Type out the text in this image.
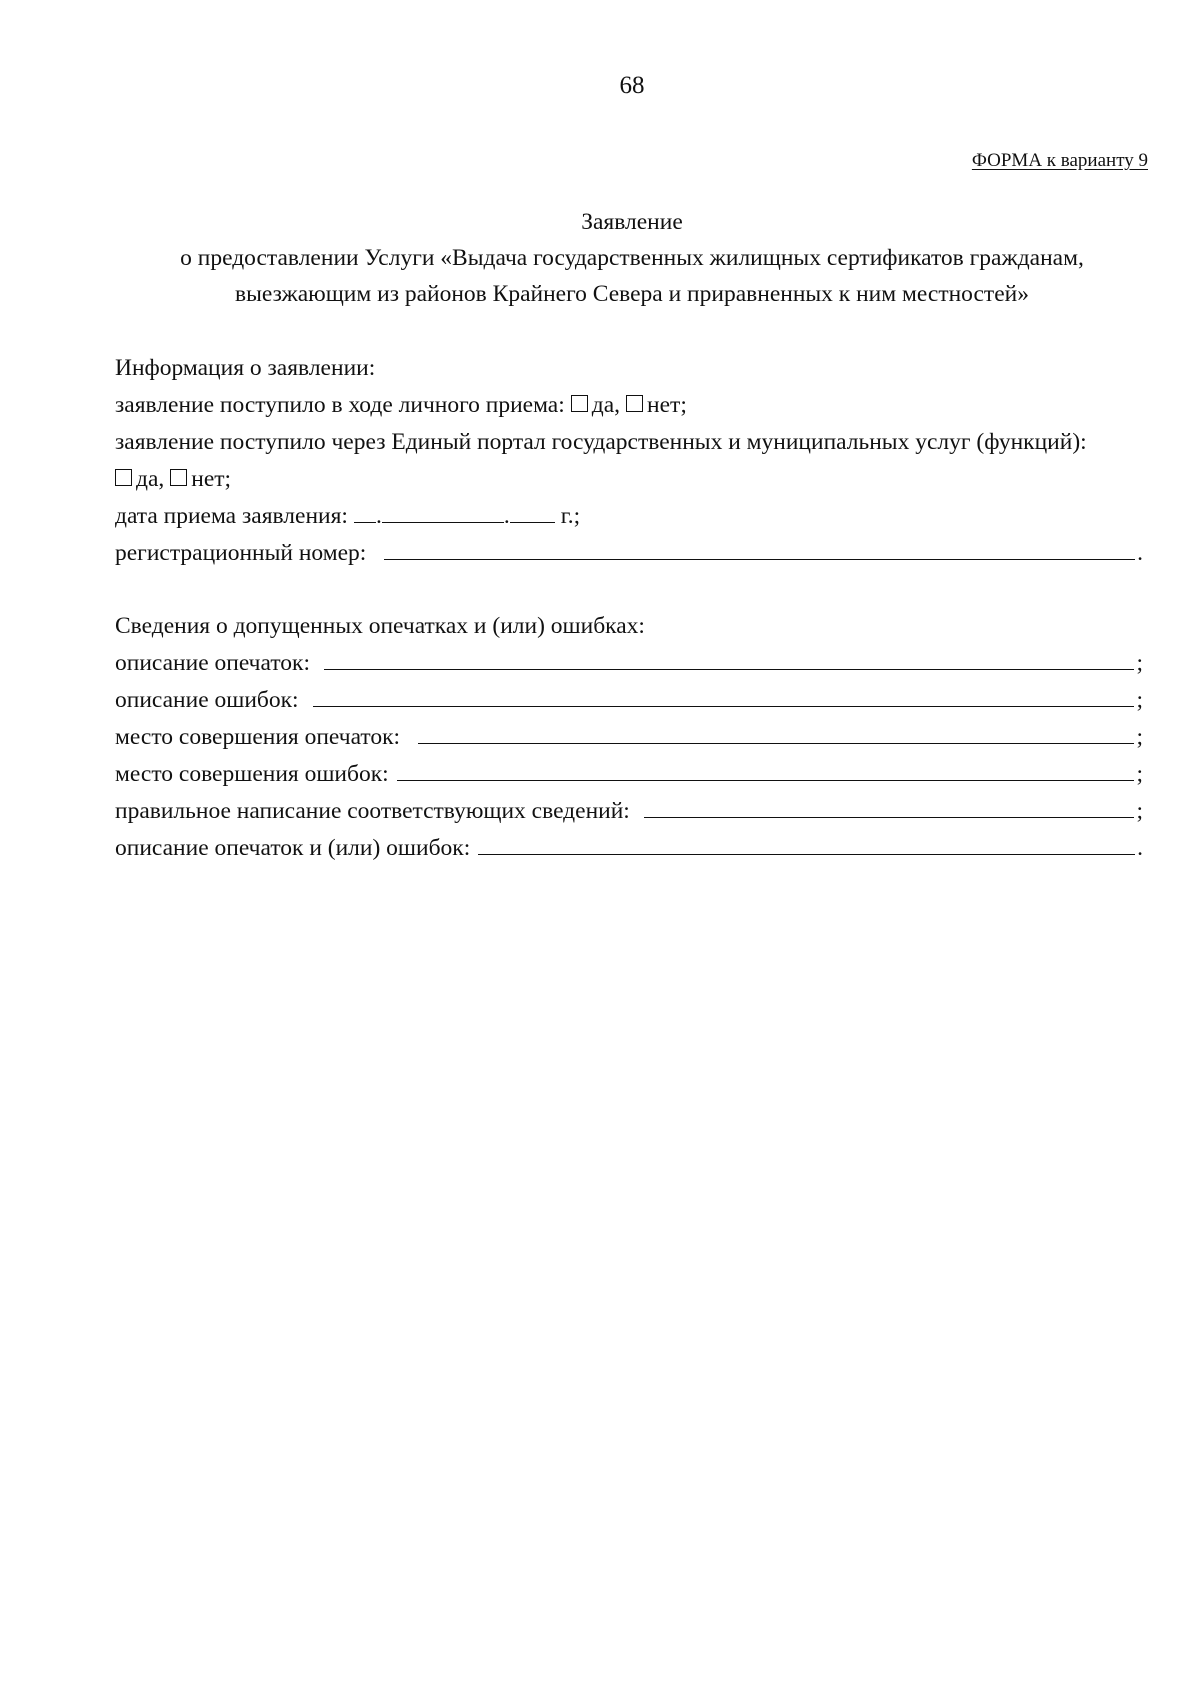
68
ФОРМА к варианту 9
Заявление
о предоставлении Услуги «Выдача государственных жилищных сертификатов гражданам,
выезжающим из районов Крайнего Севера и приравненных к ним местностей»
Информация о заявлении:
заявление поступило в ходе личного приема: да, нет;
заявление поступило через Единый портал государственных и муниципальных услуг (функций):
да, нет;
дата приема заявления: .	. г.;
регистрационный номер:	.
Сведения о допущенных опечатках и (или) ошибках:
описание опечаток:	;
описание ошибок:	;
место совершения опечаток:	;
место совершения ошибок:	;
правильное написание соответствующих сведений:	;
описание опечаток и (или) ошибок:	.
